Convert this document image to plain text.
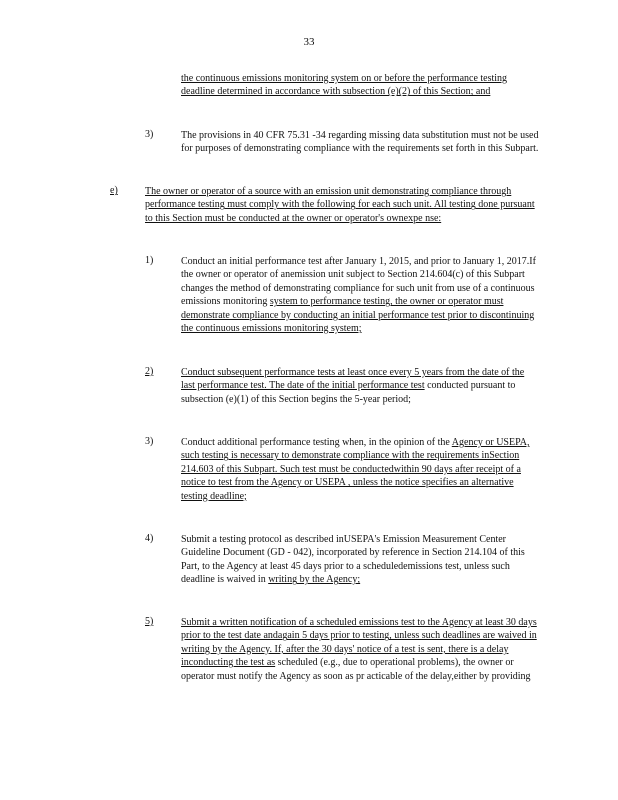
33
the continuous emissions monitoring system on or before the performance testing deadline determined in accordance with subsection (e)(2) of this Section; and
3)	The provisions in 40 CFR 75.31 -34 regarding missing data substitution must not be used for purposes of demonstrating compliance with the requirements set forth in this Subpart.
e)	The owner or operator of a source with an emission unit demonstrating compliance through performance testing must comply with the following for each such unit. All testing done pursuant to this Section must be conducted at the owner or operator's ownexpe nse:
1)	Conduct an initial performance test after January 1, 2015, and prior to January 1, 2017.If the owner or operator of anemission unit subject to Section 214.604(c) of this Subpart changes the method of demonstrating compliance for such unit from use of a continuous emissions monitoring system to performance testing, the owner or operator must demonstrate compliance by conducting an initial performance test prior to discontinuing the continuous emissions monitoring system;
2)	Conduct subsequent performance tests at least once every 5 years from the date of the last performance test. The date of the initial performance test conducted pursuant to subsection (e)(1) of this Section begins the 5-year period;
3)	Conduct additional performance testing when, in the opinion of the Agency or USEPA, such testing is necessary to demonstrate compliance with the requirements inSection 214.603 of this Subpart. Such test must be conductedwithin 90 days after receipt of a notice to test from the Agency or USEPA , unless the notice specifies an alternative testing deadline;
4)	Submit a testing protocol as described inUSEPA's Emission Measurement Center Guideline Document (GD - 042), incorporated by reference in Section 214.104 of this Part, to the Agency at least 45 days prior to a scheduledemissions test, unless such deadline is waived in writing by the Agency;
5)	Submit a written notification of a scheduled emissions test to the Agency at least 30 days prior to the test date andagain 5 days prior to testing, unless such deadlines are waived in writing by the Agency. If, after the 30 days' notice of a test is sent, there is a delay inconducting the test as scheduled (e.g., due to operational problems), the owner or operator must notify the Agency as soon as pr acticable of the delay,either by providing
